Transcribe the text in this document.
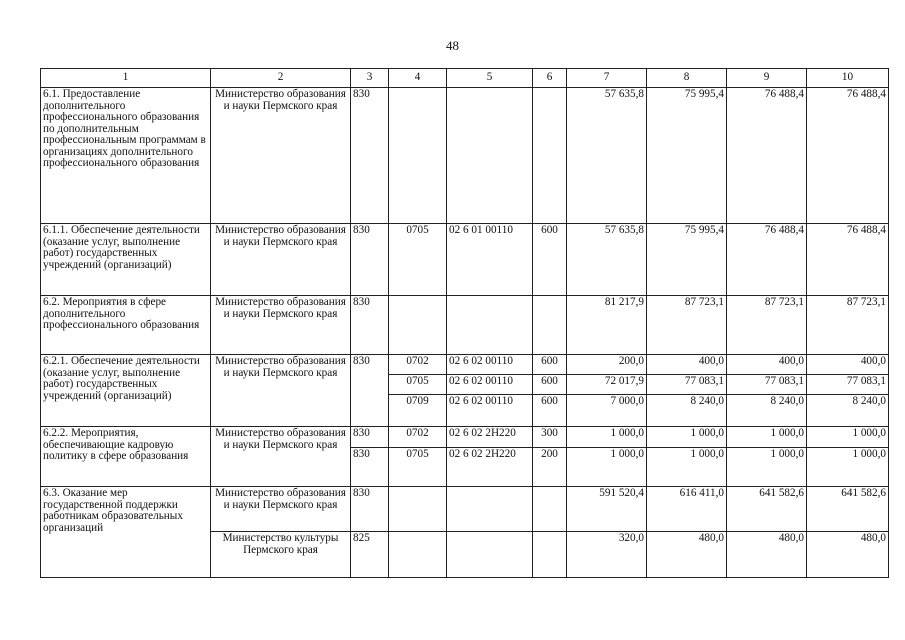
48
1	2	3	4	5	6	7	8	9	10
6.1. Предоставление дополнительного профессионального образования по дополнительным профессиональным программам в организациях дополнительного профессионального образования	Министерство образования и науки Пермского края	830				57 635,8	75 995,4	76 488,4	76 488,4
6.1.1. Обеспечение деятельности (оказание услуг, выполнение работ) государственных учреждений (организаций)	Министерство образования и науки Пермского края	830	0705	02 6 01 00110	600	57 635,8	75 995,4	76 488,4	76 488,4
6.2. Мероприятия в сфере дополнительного профессионального образования	Министерство образования и науки Пермского края	830				81 217,9	87 723,1	87 723,1	87 723,1
6.2.1. Обеспечение деятельности (оказание услуг, выполнение работ) государственных учреждений (организаций)	Министерство образования и науки Пермского края	830	0702	02 6 02 00110	600	200,0	400,0	400,0	400,0
			0705	02 6 02 00110	600	72 017,9	77 083,1	77 083,1	77 083,1
			0709	02 6 02 00110	600	7 000,0	8 240,0	8 240,0	8 240,0
6.2.2. Мероприятия, обеспечивающие кадровую политику в сфере образования	Министерство образования и науки Пермского края	830	0702	02 6 02 2Н220	300	1 000,0	1 000,0	1 000,0	1 000,0
		830	0705	02 6 02 2Н220	200	1 000,0	1 000,0	1 000,0	1 000,0
6.3. Оказание мер государственной поддержки работникам образовательных организаций	Министерство образования и науки Пермского края	830				591 520,4	616 411,0	641 582,6	641 582,6
	Министерство культуры Пермского края	825				320,0	480,0	480,0	480,0
